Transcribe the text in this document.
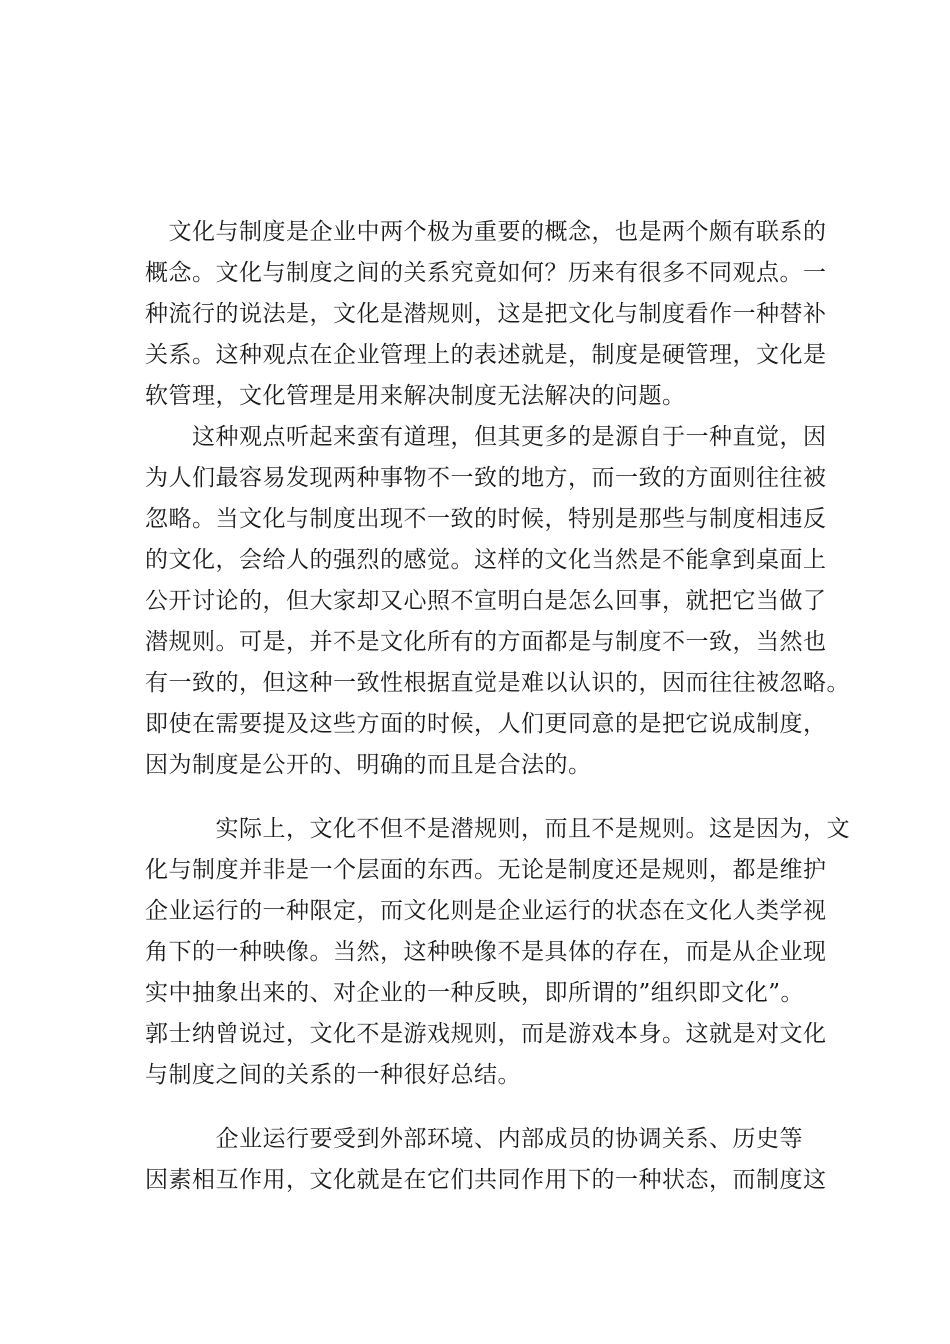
　文化与制度是企业中两个极为重要的概念，也是两个颇有联系的
概念。文化与制度之间的关系究竟如何？历来有很多不同观点。一
种流行的说法是，文化是潜规则，这是把文化与制度看作一种替补
关系。这种观点在企业管理上的表述就是，制度是硬管理，文化是
软管理，文化管理是用来解决制度无法解决的问题。

　　这种观点听起来蛮有道理，但其更多的是源自于一种直觉，因
为人们最容易发现两种事物不一致的地方，而一致的方面则往往被
忽略。当文化与制度出现不一致的时候，特别是那些与制度相违反
的文化，会给人的强烈的感觉。这样的文化当然是不能拿到桌面上
公开讨论的，但大家却又心照不宣明白是怎么回事，就把它当做了
潜规则。可是，并不是文化所有的方面都是与制度不一致，当然也
有一致的，但这种一致性根据直觉是难以认识的，因而往往被忽略。
即使在需要提及这些方面的时候，人们更同意的是把它说成制度，
因为制度是公开的、明确的而且是合法的。

　　　实际上，文化不但不是潜规则，而且不是规则。这是因为，文
化与制度并非是一个层面的东西。无论是制度还是规则，都是维护
企业运行的一种限定，而文化则是企业运行的状态在文化人类学视
角下的一种映像。当然，这种映像不是具体的存在，而是从企业现
实中抽象出来的、对企业的一种反映，即所谓的”组织即文化”。
郭士纳曾说过，文化不是游戏规则，而是游戏本身。这就是对文化
与制度之间的关系的一种很好总结。

　　　企业运行要受到外部环境、内部成员的协调关系、历史等
因素相互作用，文化就是在它们共同作用下的一种状态，而制度这
